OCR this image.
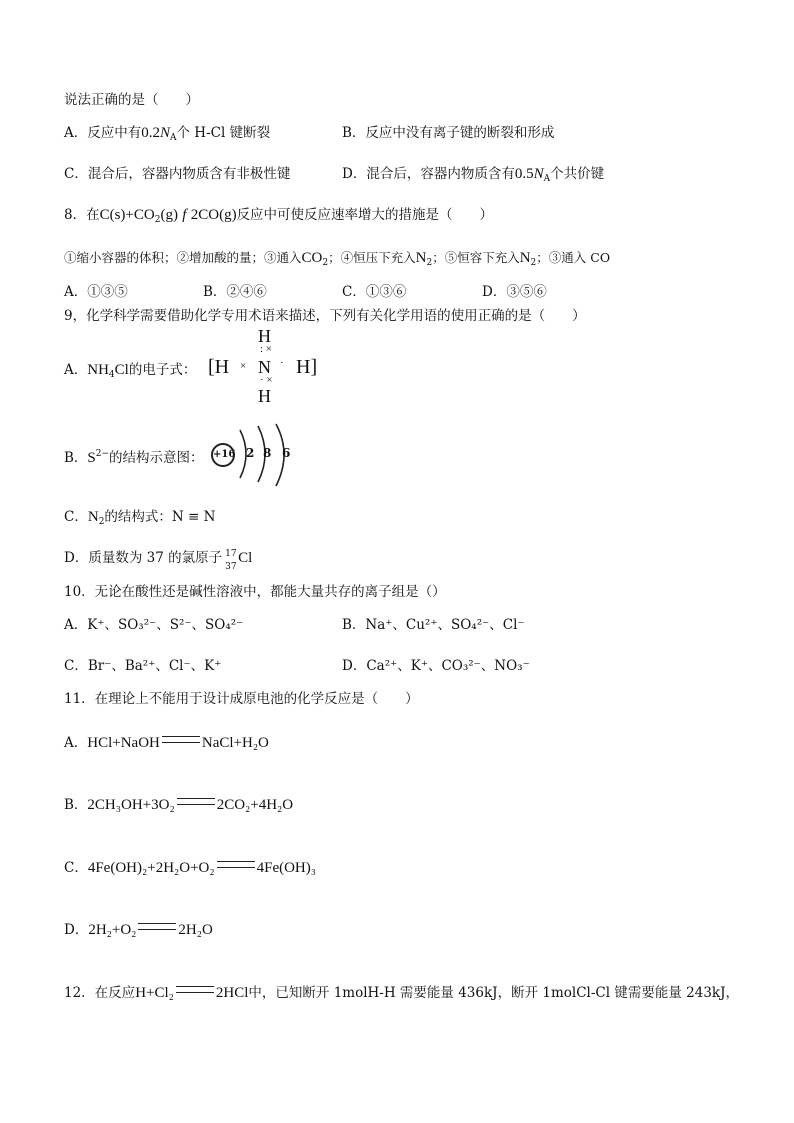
说法正确的是（　　）
A．反应中有$0.2N_A$个 H-Cl 键断裂	B．反应中没有离子键的断裂和形成
C．混合后，容器内物质含有非极性键	D．混合后，容器内物质含有$0.5N_A$个共价键
8．在$C(s)+CO_2(g)$ f 2CO(g)反应中可使反应速率增大的措施是（　　）
①缩小容器的体积；②增加酸的量；③通入$CO_2$；④恒压下充入$N_2$；⑤恒容下充入$N_2$；③通入 CO
A．①③⑤	B．②④⑥	C．①③⑥	D．③⑤⑥
9，化学科学需要借助化学专用术语来描述，下列有关化学用语的使用正确的是（　　）
A．$NH_4Cl$的电子式：
H
: ×
[H × N · H]
· ×
H
B．$S^{2-}$的结构示意图： +16 2 8 6
C．$N_2$的结构式：N ≡ N
D．质量数为 37 的氯原子 17
37
Cl
10．无论在酸性还是碱性溶液中，都能大量共存的离子组是（）
A．K⁺、SO₃²⁻、S²⁻、SO₄²⁻	B．Na⁺、Cu²⁺、SO₄²⁻、Cl⁻
C．Br⁻、Ba²⁺、Cl⁻、K⁺	D．Ca²⁺、K⁺、CO₃²⁻、NO₃⁻
11．在理论上不能用于设计成原电池的化学反应是（　　）
A．HCl+NaOH	NaCl+H₂O
B．2CH₃OH+3O₂	2CO₂+4H₂O
C．4Fe(OH)₂+2H₂O+O₂	4Fe(OH)₃
D．2H₂+O₂	2H₂O
12．在反应H+Cl₂	2HCl中，已知断开 1molH-H 需要能量 436kJ，断开 1molCl-Cl 键需要能量 243kJ，
